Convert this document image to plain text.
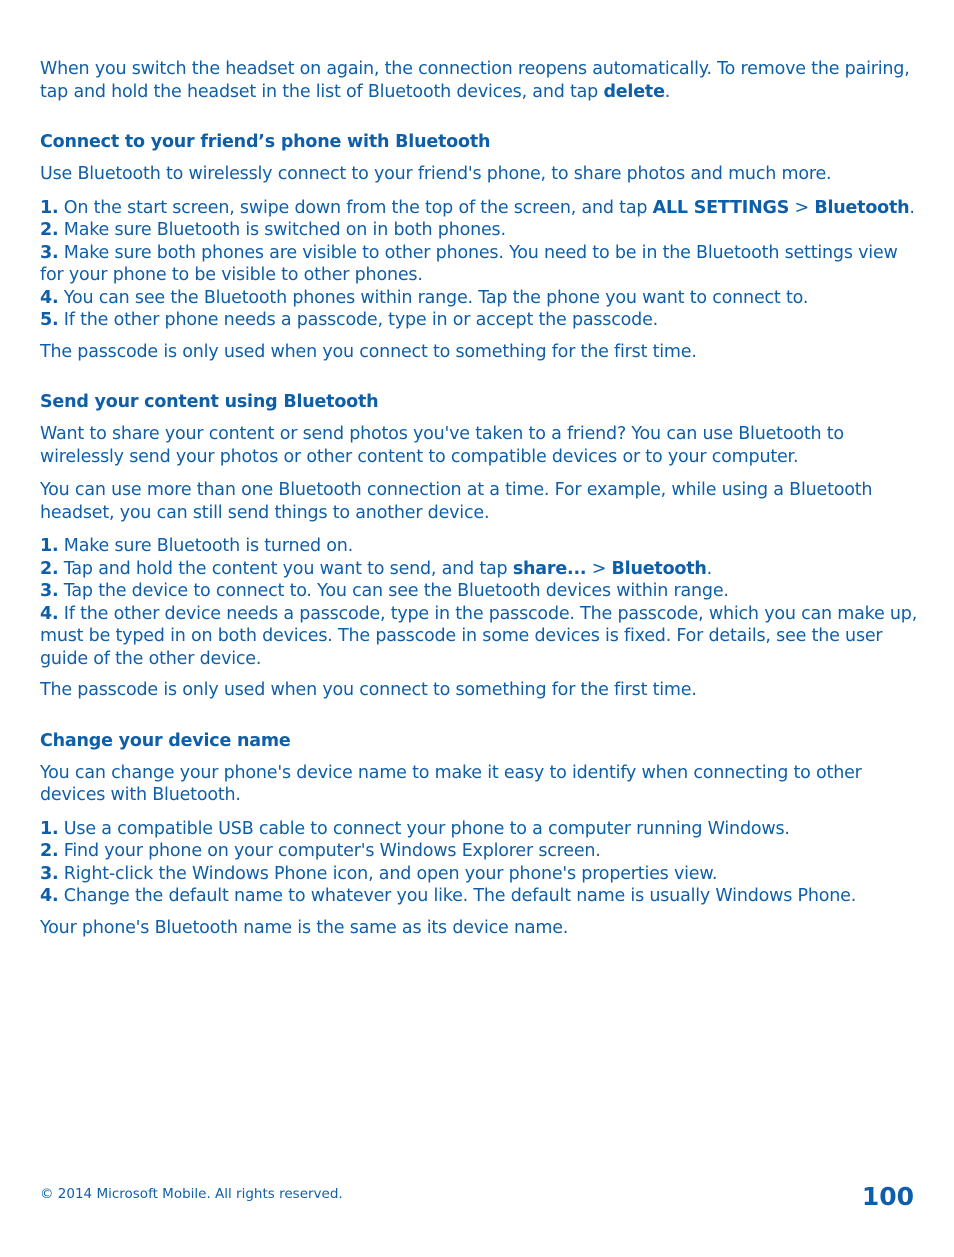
When you switch the headset on again, the connection reopens automatically. To remove the pairing, tap and hold the headset in the list of Bluetooth devices, and tap delete.

Connect to your friend’s phone with Bluetooth

Use Bluetooth to wirelessly connect to your friend's phone, to share photos and much more.

1. On the start screen, swipe down from the top of the screen, and tap ALL SETTINGS > Bluetooth.

2. Make sure Bluetooth is switched on in both phones.

3. Make sure both phones are visible to other phones. You need to be in the Bluetooth settings view for your phone to be visible to other phones.

4. You can see the Bluetooth phones within range. Tap the phone you want to connect to.

5. If the other phone needs a passcode, type in or accept the passcode.

The passcode is only used when you connect to something for the first time.

Send your content using Bluetooth

Want to share your content or send photos you've taken to a friend? You can use Bluetooth to wirelessly send your photos or other content to compatible devices or to your computer.

You can use more than one Bluetooth connection at a time. For example, while using a Bluetooth headset, you can still send things to another device.

1. Make sure Bluetooth is turned on.

2. Tap and hold the content you want to send, and tap share... > Bluetooth.

3. Tap the device to connect to. You can see the Bluetooth devices within range.

4. If the other device needs a passcode, type in the passcode. The passcode, which you can make up, must be typed in on both devices. The passcode in some devices is fixed. For details, see the user guide of the other device.

The passcode is only used when you connect to something for the first time.

Change your device name

You can change your phone's device name to make it easy to identify when connecting to other devices with Bluetooth.

1. Use a compatible USB cable to connect your phone to a computer running Windows.

2. Find your phone on your computer's Windows Explorer screen.

3. Right-click the Windows Phone icon, and open your phone's properties view.

4. Change the default name to whatever you like. The default name is usually Windows Phone.

Your phone's Bluetooth name is the same as its device name.

© 2014 Microsoft Mobile. All rights reserved.	100
